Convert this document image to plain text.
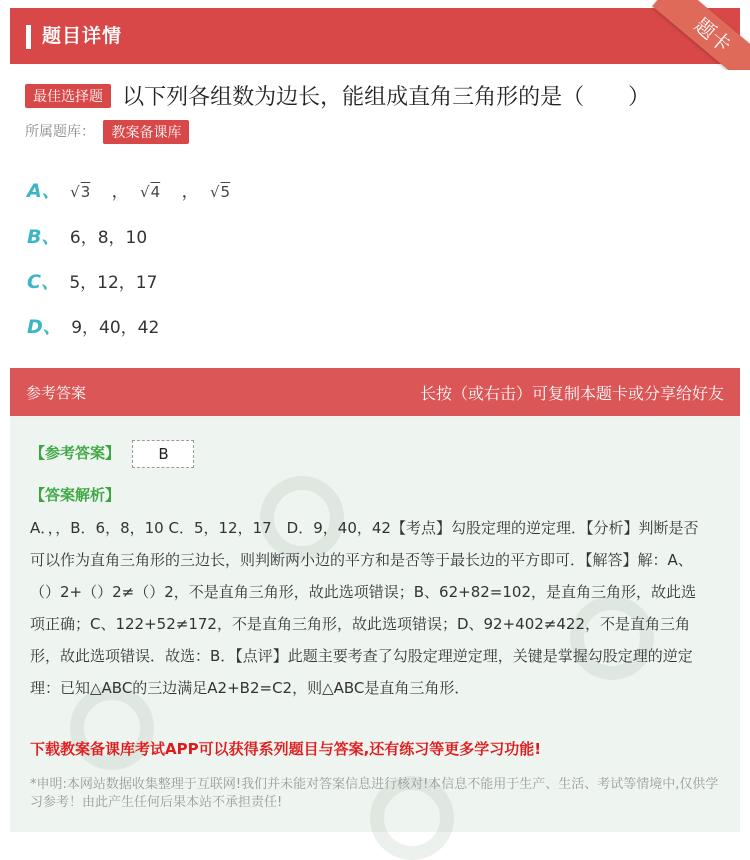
题目详情	题卡
最佳选择题 以下列各组数为边长，能组成直角三角形的是（　　）
所属题库： 教案备课库
A、 √3 ， √4 ， √5
B、 6，8，10
C、 5，12，17
D、 9，40，42
参考答案	长按（或右击）可复制本题卡或分享给好友
【参考答案】	B
【答案解析】
A．，，B．6，8，10 C．5，12，17　D．9，40，42【考点】勾股定理的逆定理．【分析】判断是否可以作为直角三角形的三边长，则判断两小边的平方和是否等于最长边的平方即可．【解答】解：A、（）2+（）2≠（）2，不是直角三角形，故此选项错误；B、62+82=102，是直角三角形，故此选项正确；C、122+52≠172，不是直角三角形，故此选项错误；D、92+402≠422，不是直角三角形，故此选项错误．故选：B．【点评】此题主要考查了勾股定理逆定理，关键是掌握勾股定理的逆定理：已知△ABC的三边满足A2+B2=C2，则△ABC是直角三角形．
下载教案备课库考试APP可以获得系列题目与答案,还有练习等更多学习功能!
*申明:本网站数据收集整理于互联网!我们并未能对答案信息进行核对!本信息不能用于生产、生活、考试等情境中,仅供学习参考！由此产生任何后果本站不承担责任!
